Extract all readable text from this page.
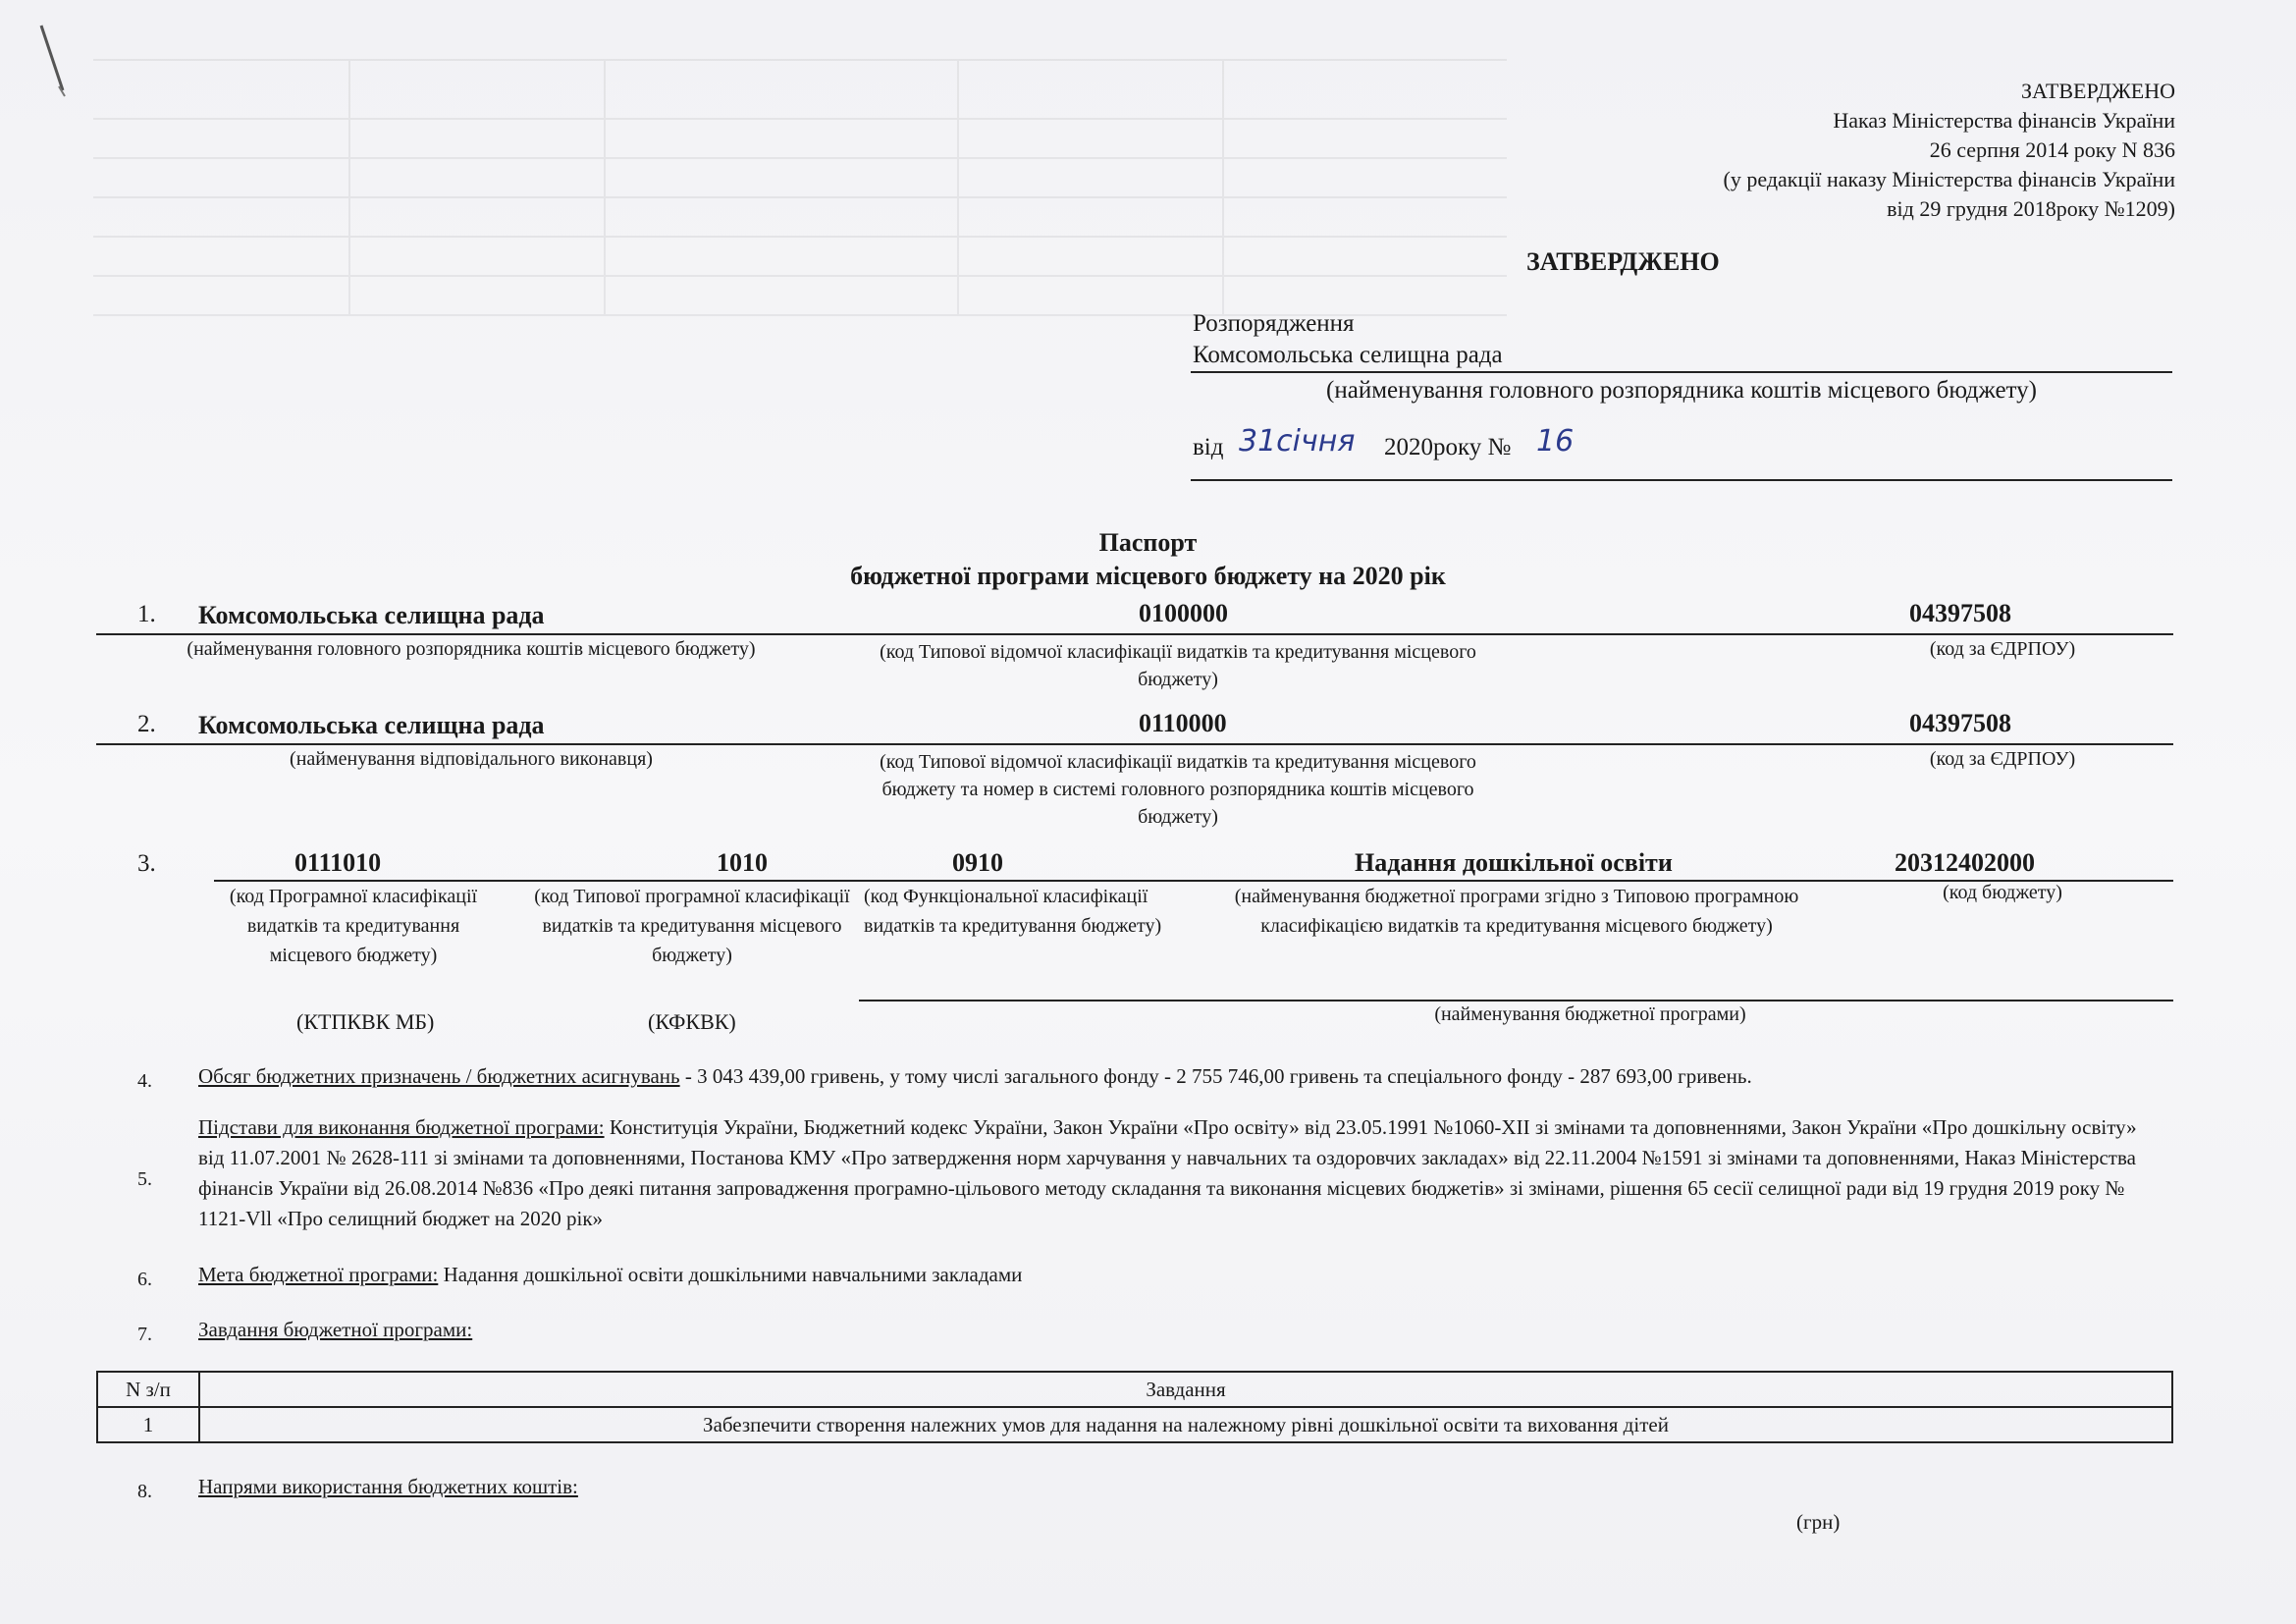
ЗАТВЕРДЖЕНО
Наказ Міністерства фінансів України
26 серпня 2014 року N 836
(у редакції наказу Міністерства фінансів України
від 29 грудня 2018року №1209)
ЗАТВЕРДЖЕНО
Розпорядження
Комсомольська селищна рада
(найменування головного розпорядника коштів місцевого бюджету)
від 31січня 2020року № 16
Паспорт
бюджетної програми місцевого бюджету на 2020 рік
1. Комсомольська селищна рада	0100000	04397508
(найменування головного розпорядника коштів місцевого бюджету)	(код Типової відомчої класифікації видатків та кредитування місцевого бюджету)
(код за ЄДРПОУ)
2. Комсомольська селищна рада	0110000	04397508
(найменування відповідального виконавця)	(код Типової відомчої класифікації видатків та кредитування місцевого бюджету та номер в системі головного розпорядника коштів місцевого бюджету)
(код за ЄДРПОУ)
3.	0111010	1010	0910	Надання дошкільної освіти	20312402000
(код Програмної класифікації видатків та кредитування місцевого бюджету)
(код Типової програмної класифікації видатків та кредитування місцевого бюджету)
(код Функціональної класифікації видатків та кредитування бюджету)
(найменування бюджетної програми згідно з Типовою програмною класифікацією видатків та кредитування місцевого бюджету)
(код бюджету)
(КТПКВК МБ)	(КФКВК)	(найменування бюджетної програми)
4. Обсяг бюджетних призначень / бюджетних асигнувань - 3 043 439,00 гривень, у тому числі загального фонду - 2 755 746,00 гривень та спеціального фонду - 287 693,00 гривень.
5.
Підстави для виконання бюджетної програми: Конституція України, Бюджетний кодекс України, Закон України «Про освіту» від 23.05.1991 №1060-XII зі змінами та доповненнями, Закон України «Про дошкільну освіту» від 11.07.2001 № 2628-111 зі змінами та доповненнями, Постанова КМУ «Про затвердження норм харчування у навчальних та оздоровчих закладах» від 22.11.2004 №1591 зі змінами та доповненнями, Наказ Міністерства фінансів України від 26.08.2014 №836 «Про деякі питання запровадження програмно-цільового методу складання та виконання місцевих бюджетів» зі змінами, рішення 65 сесії селищної ради від 19 грудня 2019 року № 1121-Vll «Про селищний бюджет на 2020 рік»
6. Мета бюджетної програми: Надання дошкільної освіти дошкільними навчальними закладами
7. Завдання бюджетної програми:
N з/п	Завдання
1	Забезпечити створення належних умов для надання на належному рівні дошкільної освіти та виховання дітей
8. Напрями використання бюджетних коштів:
(грн)
